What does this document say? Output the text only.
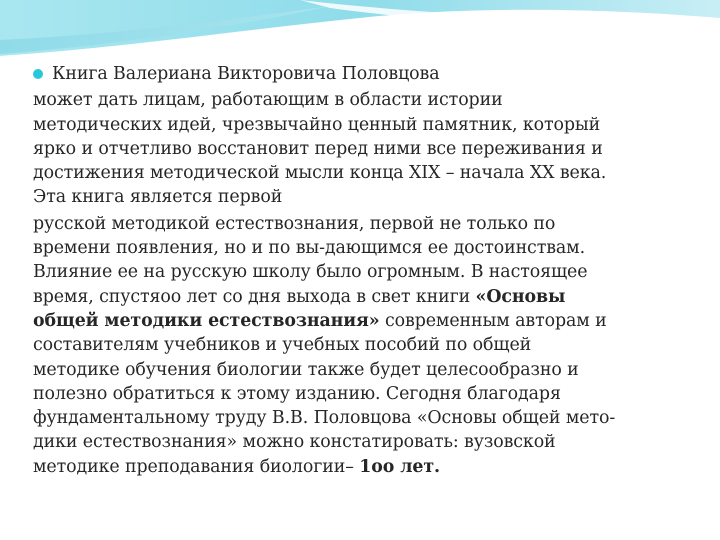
Книга Валериана Викторовича Половцова
может дать лицам, работающим в области истории
методических идей, чрезвычайно ценный памятник, который
ярко и отчетливо восстановит перед ними все переживания и
достижения методической мысли конца XIX – начала XX века.
Эта книга является первой
русской методикой естествознания, первой не только по
времени появления, но и по вы-дающимся ее достоинствам.
Влияние ее на русскую школу было огромным. В настоящее
время, спустяoo лет со дня выхода в свет книги «Основы
общей методики естествознания» современным авторам и
составителям учебников и учебных пособий по общей
методике обучения биологии также будет целесообразно и
полезно обратиться к этому изданию. Сегодня благодаря
фундаментальному труду В.В. Половцова «Основы общей мето-
дики естествознания» можно констатировать: вузовской
методике преподавания биологии– 1oo лет.
